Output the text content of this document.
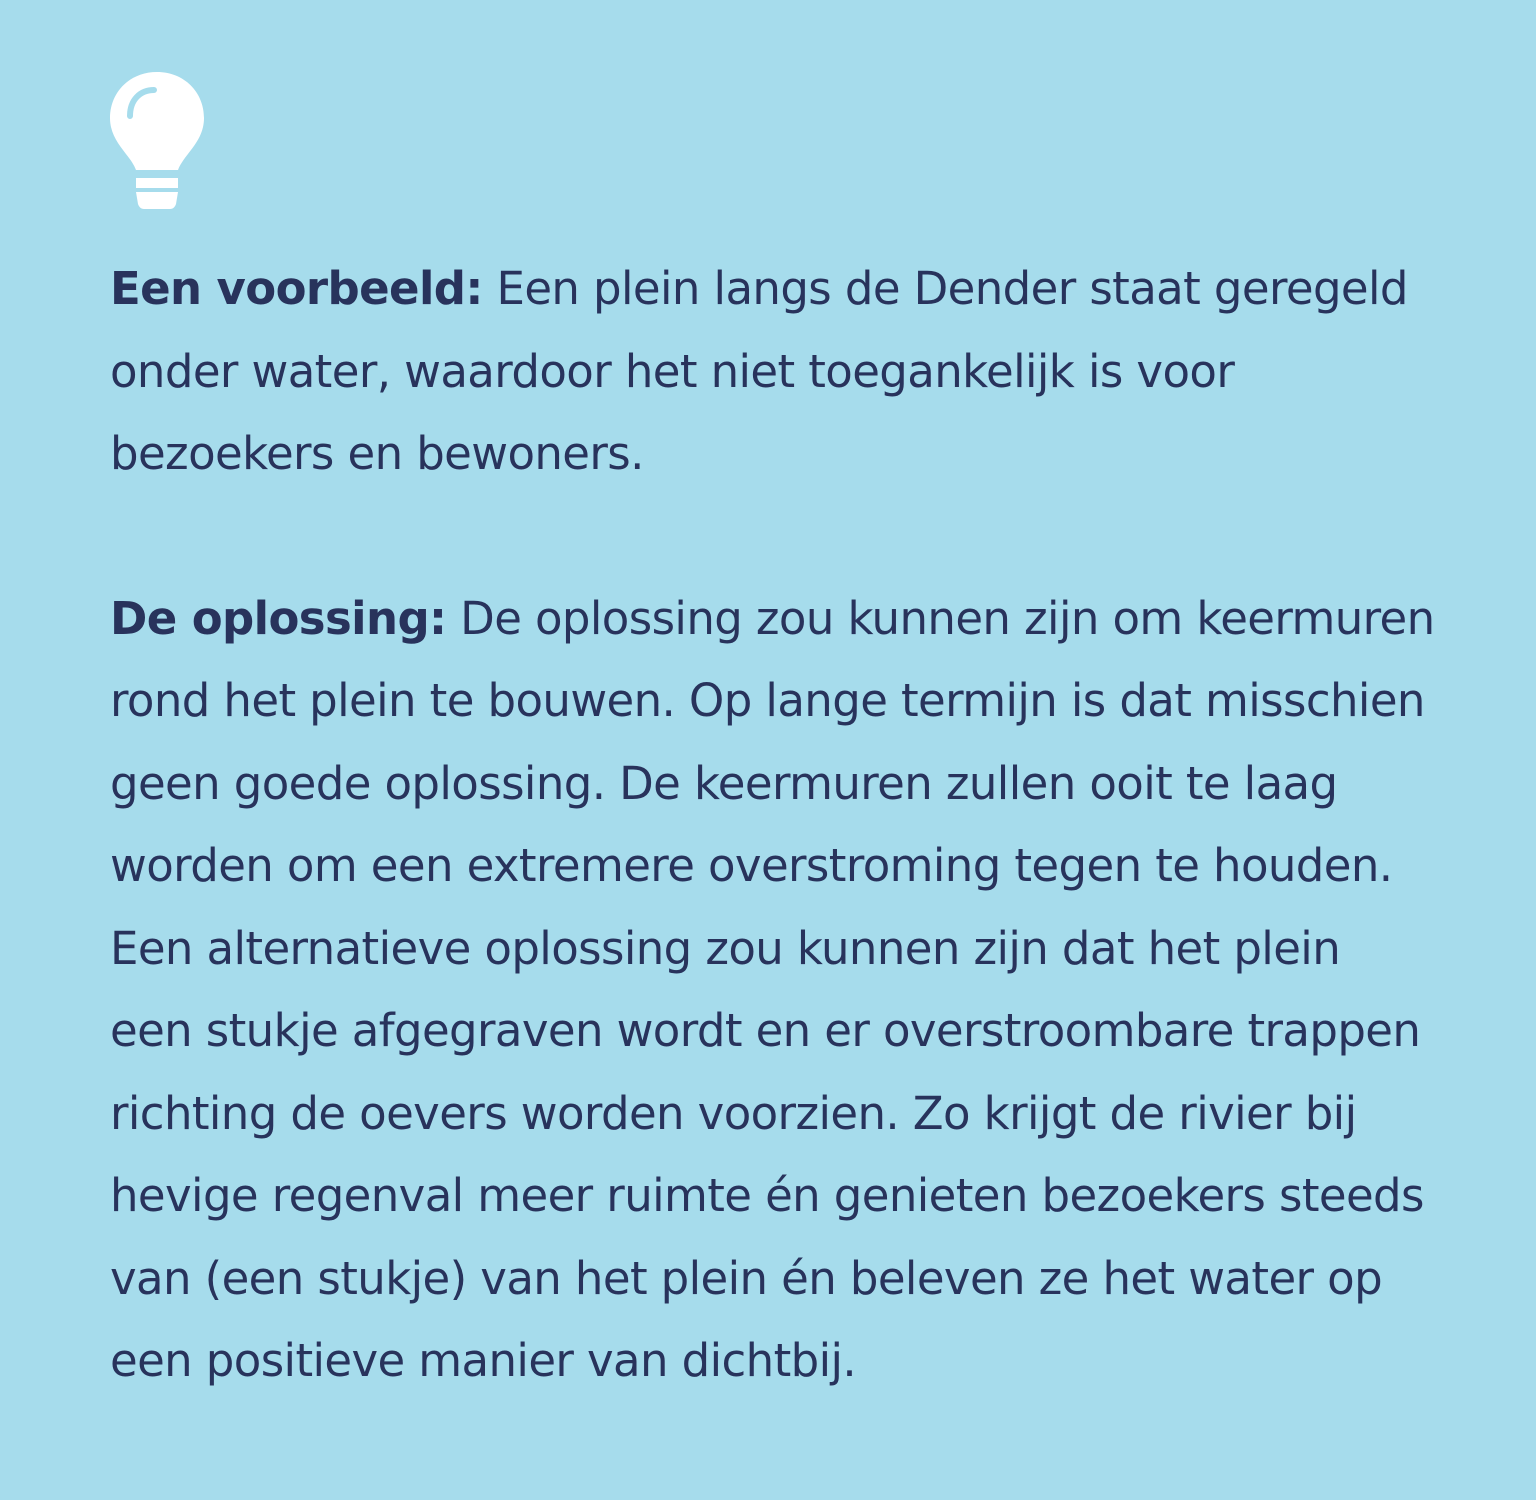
Een voorbeeld: Een plein langs de Dender staat geregeld
onder water, waardoor het niet toegankelijk is voor
bezoekers en bewoners.
De oplossing: De oplossing zou kunnen zijn om keermuren
rond het plein te bouwen. Op lange termijn is dat misschien
geen goede oplossing. De keermuren zullen ooit te laag
worden om een extremere overstroming tegen te houden.
Een alternatieve oplossing zou kunnen zijn dat het plein
een stukje afgegraven wordt en er overstroombare trappen
richting de oevers worden voorzien. Zo krijgt de rivier bij
hevige regenval meer ruimte én genieten bezoekers steeds
van (een stukje) van het plein én beleven ze het water op
een positieve manier van dichtbij.
